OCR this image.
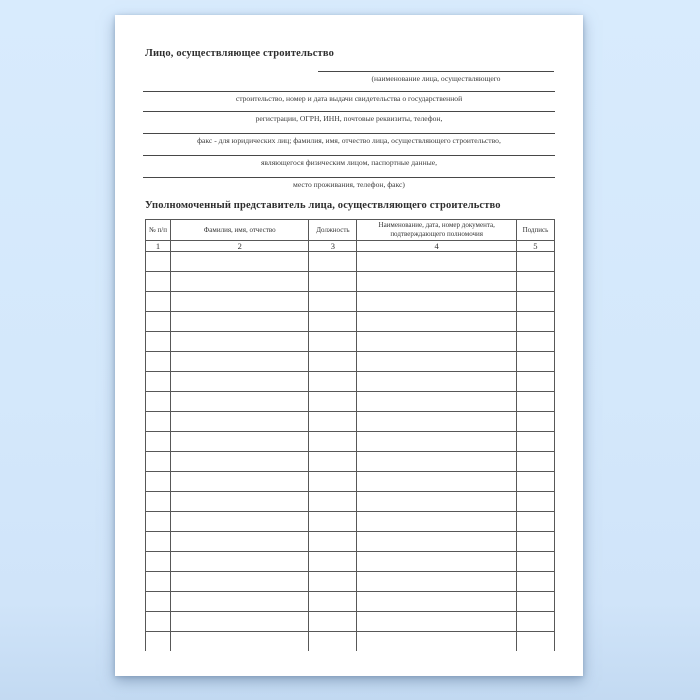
Лицо, осуществляющее строительство
(наименование лица, осуществляющего
строительство, номер и дата выдачи свидетельства о государственной
регистрации, ОГРН, ИНН, почтовые реквизиты, телефон,
факс - для юридических лиц; фамилия, имя, отчество лица, осуществляющего строительство,
являющегося физическим лицом, паспортные данные,
место проживания, телефон, факс)
Уполномоченный представитель лица, осуществляющего строительство
№ п/п	Фамилия, имя, отчество	Должность	Наименование, дата, номер документа, подтверждающего полномочия	Подпись
1	2	3	4	5
